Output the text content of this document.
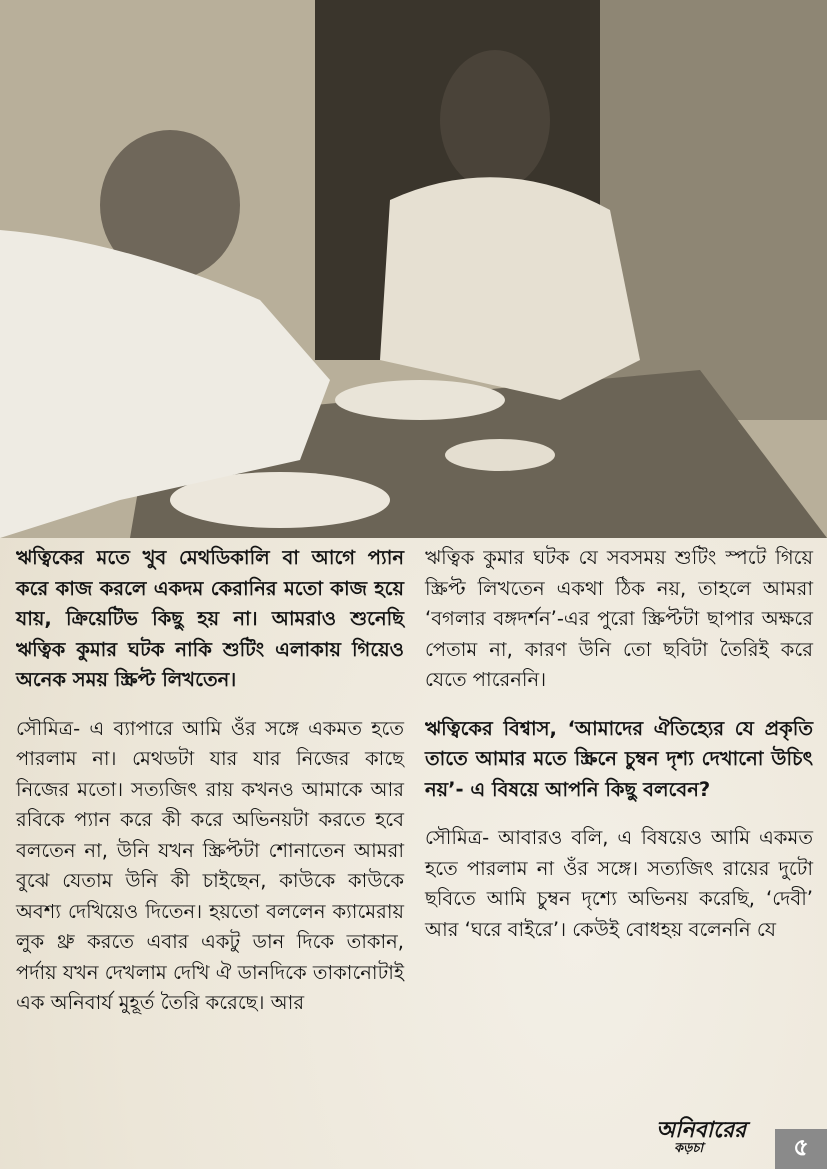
ঋত্বিকের মতে খুব মেথডিকালি বা আগে প্যান করে কাজ করলে একদম কেরানির মতো কাজ হয়ে যায়, ক্রিয়েটিভ কিছু হয় না। আমরাও শুনেছি ঋত্বিক কুমার ঘটক নাকি শুটিং এলাকায় গিয়েও অনেক সময় স্ক্রিপ্ট লিখতেন।

সৌমিত্র- এ ব্যাপারে আমি ওঁর সঙ্গে একমত হতে পারলাম না। মেথডটা যার যার নিজের কাছে নিজের মতো। সত্যজিৎ রায় কখনও আমাকে আর রবিকে প্যান করে কী করে অভিনয়টা করতে হবে বলতেন না, উনি যখন স্ক্রিপ্টটা শোনাতেন আমরা বুঝে যেতাম উনি কী চাইছেন, কাউকে কাউকে অবশ্য দেখিয়েও দিতেন। হয়তো বললেন ক্যামেরায় লুক থ্রু করতে এবার একটু ডান দিকে তাকান, পর্দায় যখন দেখলাম দেখি ঐ ডানদিকে তাকানোটাই এক অনিবার্য মুহূর্ত তৈরি করেছে। আর

ঋত্বিক কুমার ঘটক যে সবসময় শুটিং স্পটে গিয়ে স্ক্রিপ্ট লিখতেন একথা ঠিক নয়, তাহলে আমরা ‘বগলার বঙ্গদর্শন’-এর পুরো স্ক্রিপ্টটা ছাপার অক্ষরে পেতাম না, কারণ উনি তো ছবিটা তৈরিই করে যেতে পারেননি।

ঋত্বিকের বিশ্বাস, ‘আমাদের ঐতিহ্যের যে প্রকৃতি তাতে আমার মতে স্ক্রিনে চুম্বন দৃশ্য দেখানো উচিৎ নয়’- এ বিষয়ে আপনি কিছু বলবেন?

সৌমিত্র- আবারও বলি, এ বিষয়েও আমি একমত হতে পারলাম না ওঁর সঙ্গে। সত্যজিৎ রায়ের দুটো ছবিতে আমি চুম্বন দৃশ্যে অভিনয় করেছি, ‘দেবী’ আর ‘ঘরে বাইরে’। কেউই বোধহয় বলেননি যে

অনিবারের
কড়চা	৫
